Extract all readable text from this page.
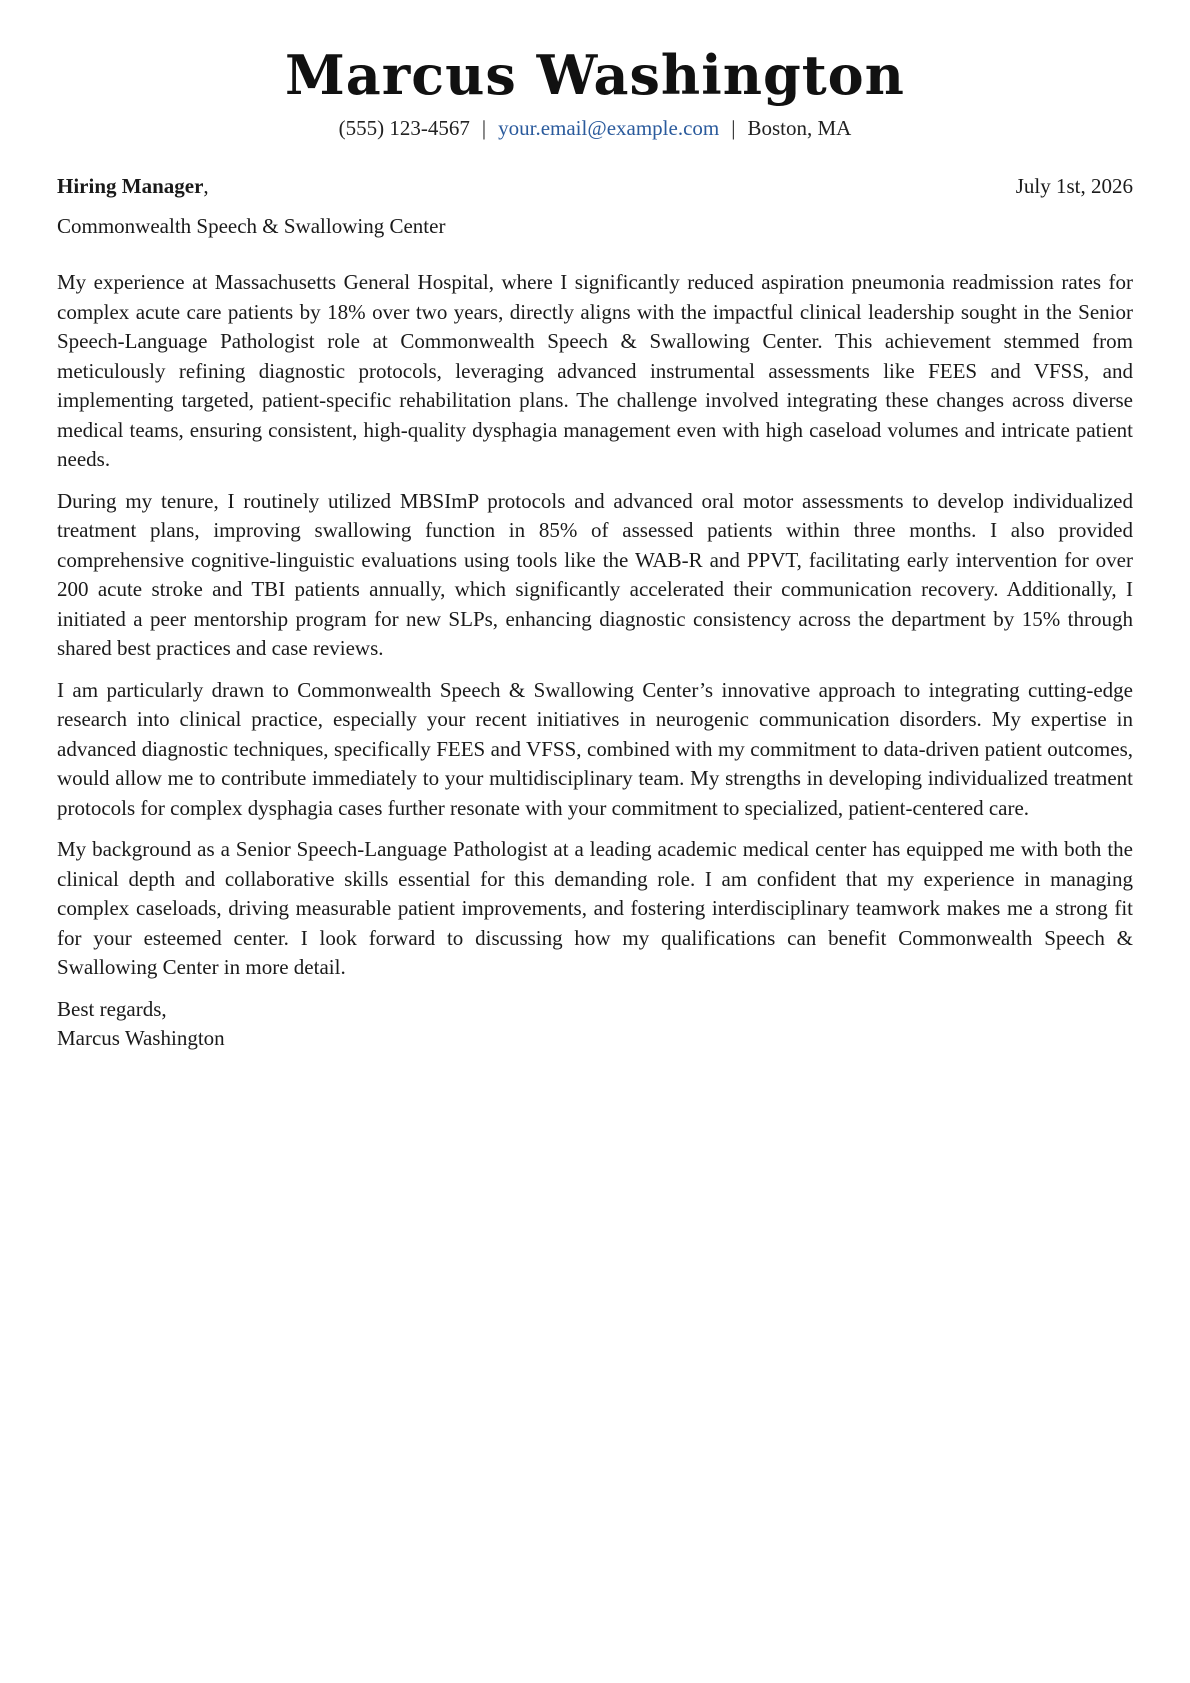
Marcus Washington
(555) 123-4567 | your.email@example.com | Boston, MA
Hiring Manager,	July 1st, 2026
Commonwealth Speech & Swallowing Center

My experience at Massachusetts General Hospital, where I significantly reduced aspiration pneumonia readmission rates for complex acute care patients by 18% over two years, directly aligns with the impactful clinical leadership sought in the Senior Speech-Language Pathologist role at Commonwealth Speech & Swallowing Center. This achievement stemmed from meticulously refining diagnostic protocols, leveraging advanced instrumental assessments like FEES and VFSS, and implementing targeted, patient-specific rehabilitation plans. The challenge involved integrating these changes across diverse medical teams, ensuring consistent, high-quality dysphagia management even with high caseload volumes and intricate patient needs.

During my tenure, I routinely utilized MBSImP protocols and advanced oral motor assessments to develop individualized treatment plans, improving swallowing function in 85% of assessed patients within three months. I also provided comprehensive cognitive-linguistic evaluations using tools like the WAB-R and PPVT, facilitating early intervention for over 200 acute stroke and TBI patients annually, which significantly accelerated their communication recovery. Additionally, I initiated a peer mentorship program for new SLPs, enhancing diagnostic consistency across the department by 15% through shared best practices and case reviews.

I am particularly drawn to Commonwealth Speech & Swallowing Center’s innovative approach to integrating cutting-edge research into clinical practice, especially your recent initiatives in neurogenic communication disorders. My expertise in advanced diagnostic techniques, specifically FEES and VFSS, combined with my commitment to data-driven patient outcomes, would allow me to contribute immediately to your multidisciplinary team. My strengths in developing individualized treatment protocols for complex dysphagia cases further resonate with your commitment to specialized, patient-centered care.

My background as a Senior Speech-Language Pathologist at a leading academic medical center has equipped me with both the clinical depth and collaborative skills essential for this demanding role. I am confident that my experience in managing complex caseloads, driving measurable patient improvements, and fostering interdisciplinary teamwork makes me a strong fit for your esteemed center. I look forward to discussing how my qualifications can benefit Commonwealth Speech & Swallowing Center in more detail.

Best regards,
Marcus Washington
